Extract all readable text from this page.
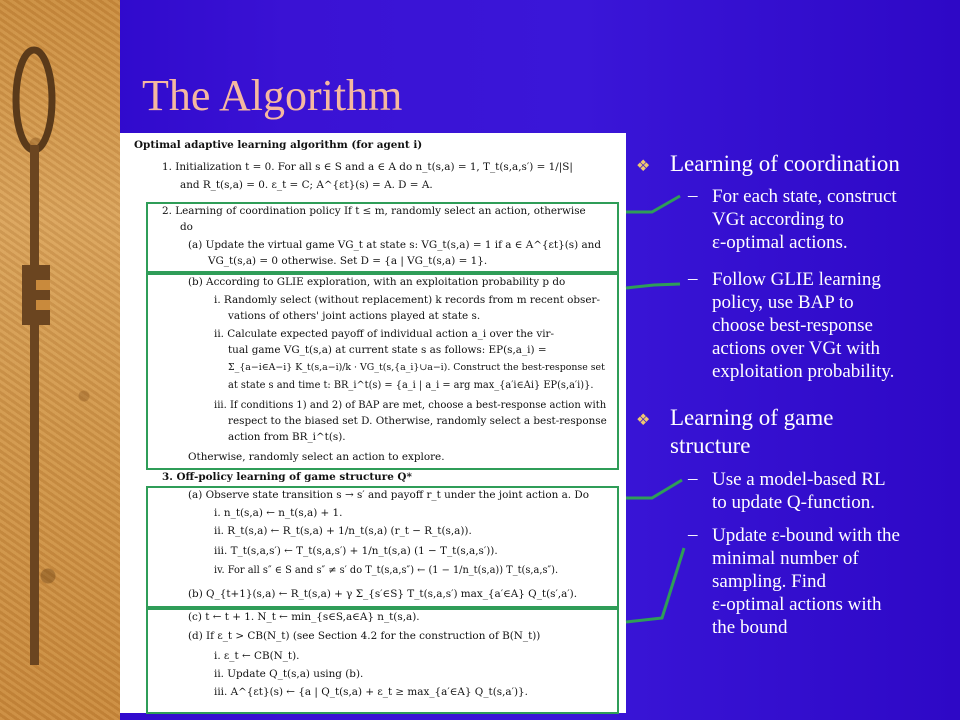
The Algorithm
Optimal adaptive learning algorithm (for agent i)
1. Initialization t = 0. For all s ∈ S and a ∈ A do n_t(s,a) = 1, T_t(s,a,s′) = 1/|S|
and R_t(s,a) = 0. ε_t = C; A^{εt}(s) = A. D = A.
2. Learning of coordination policy If t ≤ m, randomly select an action, otherwise
do
(a) Update the virtual game VG_t at state s: VG_t(s,a) = 1 if a ∈ A^{εt}(s) and
VG_t(s,a) = 0 otherwise. Set D = {a | VG_t(s,a) = 1}.
(b) According to GLIE exploration, with an exploitation probability p do
i. Randomly select (without replacement) k records from m recent obser-
vations of others' joint actions played at state s.
ii. Calculate expected payoff of individual action a_i over the vir-
tual game VG_t(s,a) at current state s as follows: EP(s,a_i) =
Σ_{a−i∈A−i} K_t(s,a−i)/k · VG_t(s,{a_i}∪a−i). Construct the best-response set
at state s and time t: BR_i^t(s) = {a_i | a_i = arg max_{a′i∈Ai} EP(s,a′i)}.
iii. If conditions 1) and 2) of BAP are met, choose a best-response action with
respect to the biased set D. Otherwise, randomly select a best-response
action from BR_i^t(s).
Otherwise, randomly select an action to explore.
3. Off-policy learning of game structure Q*
(a) Observe state transition s → s′ and payoff r_t under the joint action a. Do
i. n_t(s,a) ← n_t(s,a) + 1.
ii. R_t(s,a) ← R_t(s,a) + 1/n_t(s,a) (r_t − R_t(s,a)).
iii. T_t(s,a,s′) ← T_t(s,a,s′) + 1/n_t(s,a) (1 − T_t(s,a,s′)).
iv. For all s″ ∈ S and s″ ≠ s′ do T_t(s,a,s″) ← (1 − 1/n_t(s,a)) T_t(s,a,s″).
(b) Q_{t+1}(s,a) ← R_t(s,a) + γ Σ_{s′∈S} T_t(s,a,s′) max_{a′∈A} Q_t(s′,a′).
(c) t ← t + 1. N_t ← min_{s∈S,a∈A} n_t(s,a).
(d) If ε_t > CB(N_t) (see Section 4.2 for the construction of B(N_t))
i. ε_t ← CB(N_t).
ii. Update Q_t(s,a) using (b).
iii. A^{εt}(s) ← {a | Q_t(s,a) + ε_t ≥ max_{a′∈A} Q_t(s,a′)}.
❖ Learning of coordination
– For each state, construct
VGt according to
ε-optimal actions.
– Follow GLIE learning
policy, use BAP to
choose best-response
actions over VGt with
exploitation probability.
❖ Learning of game
structure
– Use a model-based RL
to update Q-function.
– Update ε-bound with the
minimal number of
sampling. Find
ε-optimal actions with
the bound
